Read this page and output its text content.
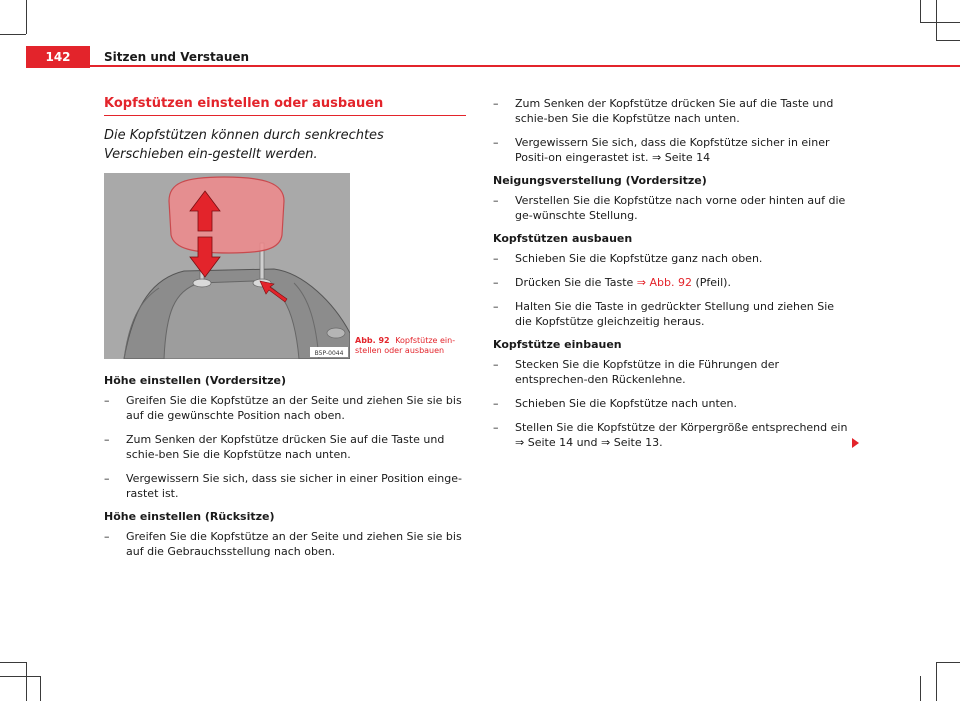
142	Sitzen und Verstauen
Kopfstützen einstellen oder ausbauen

Die Kopfstützen können durch senkrechtes Verschieben ein-gestellt werden.

B5P-0044
Abb. 92 Kopfstütze ein-stellen oder ausbauen

Höhe einstellen (Vordersitze)

– Greifen Sie die Kopfstütze an der Seite und ziehen Sie sie bis auf die gewünschte Position nach oben.
– Zum Senken der Kopfstütze drücken Sie auf die Taste und schie-ben Sie die Kopfstütze nach unten.
– Vergewissern Sie sich, dass sie sicher in einer Position einge-rastet ist.

Höhe einstellen (Rücksitze)

– Greifen Sie die Kopfstütze an der Seite und ziehen Sie sie bis auf die Gebrauchsstellung nach oben.
– Zum Senken der Kopfstütze drücken Sie auf die Taste und schie-ben Sie die Kopfstütze nach unten.
– Vergewissern Sie sich, dass die Kopfstütze sicher in einer Positi-on eingerastet ist. ⇒ Seite 14

Neigungsverstellung (Vordersitze)

– Verstellen Sie die Kopfstütze nach vorne oder hinten auf die ge-wünschte Stellung.

Kopfstützen ausbauen

– Schieben Sie die Kopfstütze ganz nach oben.
– Drücken Sie die Taste ⇒ Abb. 92 (Pfeil).
– Halten Sie die Taste in gedrückter Stellung und ziehen Sie die Kopfstütze gleichzeitig heraus.

Kopfstütze einbauen

– Stecken Sie die Kopfstütze in die Führungen der entsprechen-den Rückenlehne.
– Schieben Sie die Kopfstütze nach unten.
– Stellen Sie die Kopfstütze der Körpergröße entsprechend ein ⇒ Seite 14 und ⇒ Seite 13.
